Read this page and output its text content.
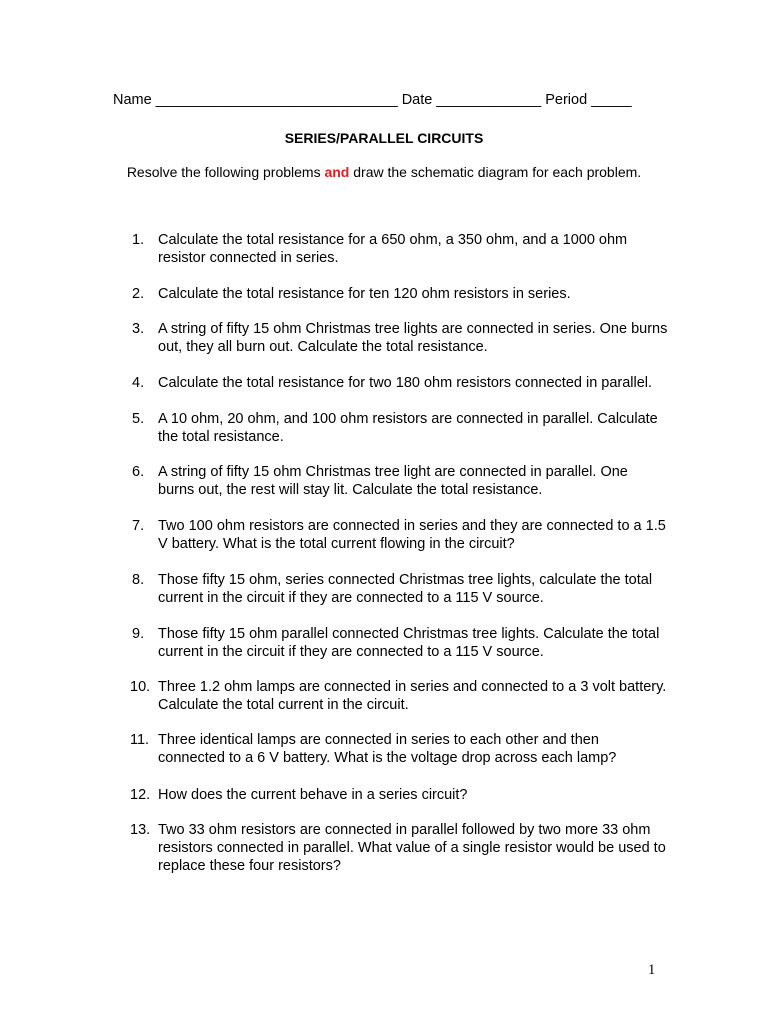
Name ______________________________ Date _____________ Period _____
SERIES/PARALLEL CIRCUITS
Resolve the following problems and draw the schematic diagram for each problem.
1. Calculate the total resistance for a 650 ohm, a 350 ohm, and a 1000 ohm resistor connected in series.
2. Calculate the total resistance for ten 120 ohm resistors in series.
3. A string of fifty 15 ohm Christmas tree lights are connected in series. One burns out, they all burn out. Calculate the total resistance.
4. Calculate the total resistance for two 180 ohm resistors connected in parallel.
5. A 10 ohm, 20 ohm, and 100 ohm resistors are connected in parallel. Calculate the total resistance.
6. A string of fifty 15 ohm Christmas tree light are connected in parallel. One burns out, the rest will stay lit. Calculate the total resistance.
7. Two 100 ohm resistors are connected in series and they are connected to a 1.5 V battery. What is the total current flowing in the circuit?
8. Those fifty 15 ohm, series connected Christmas tree lights, calculate the total current in the circuit if they are connected to a 115 V source.
9. Those fifty 15 ohm parallel connected Christmas tree lights. Calculate the total current in the circuit if they are connected to a 115 V source.
10. Three 1.2 ohm lamps are connected in series and connected to a 3 volt battery. Calculate the total current in the circuit.
11. Three identical lamps are connected in series to each other and then connected to a 6 V battery. What is the voltage drop across each lamp?
12. How does the current behave in a series circuit?
13. Two 33 ohm resistors are connected in parallel followed by two more 33 ohm resistors connected in parallel. What value of a single resistor would be used to replace these four resistors?
1
